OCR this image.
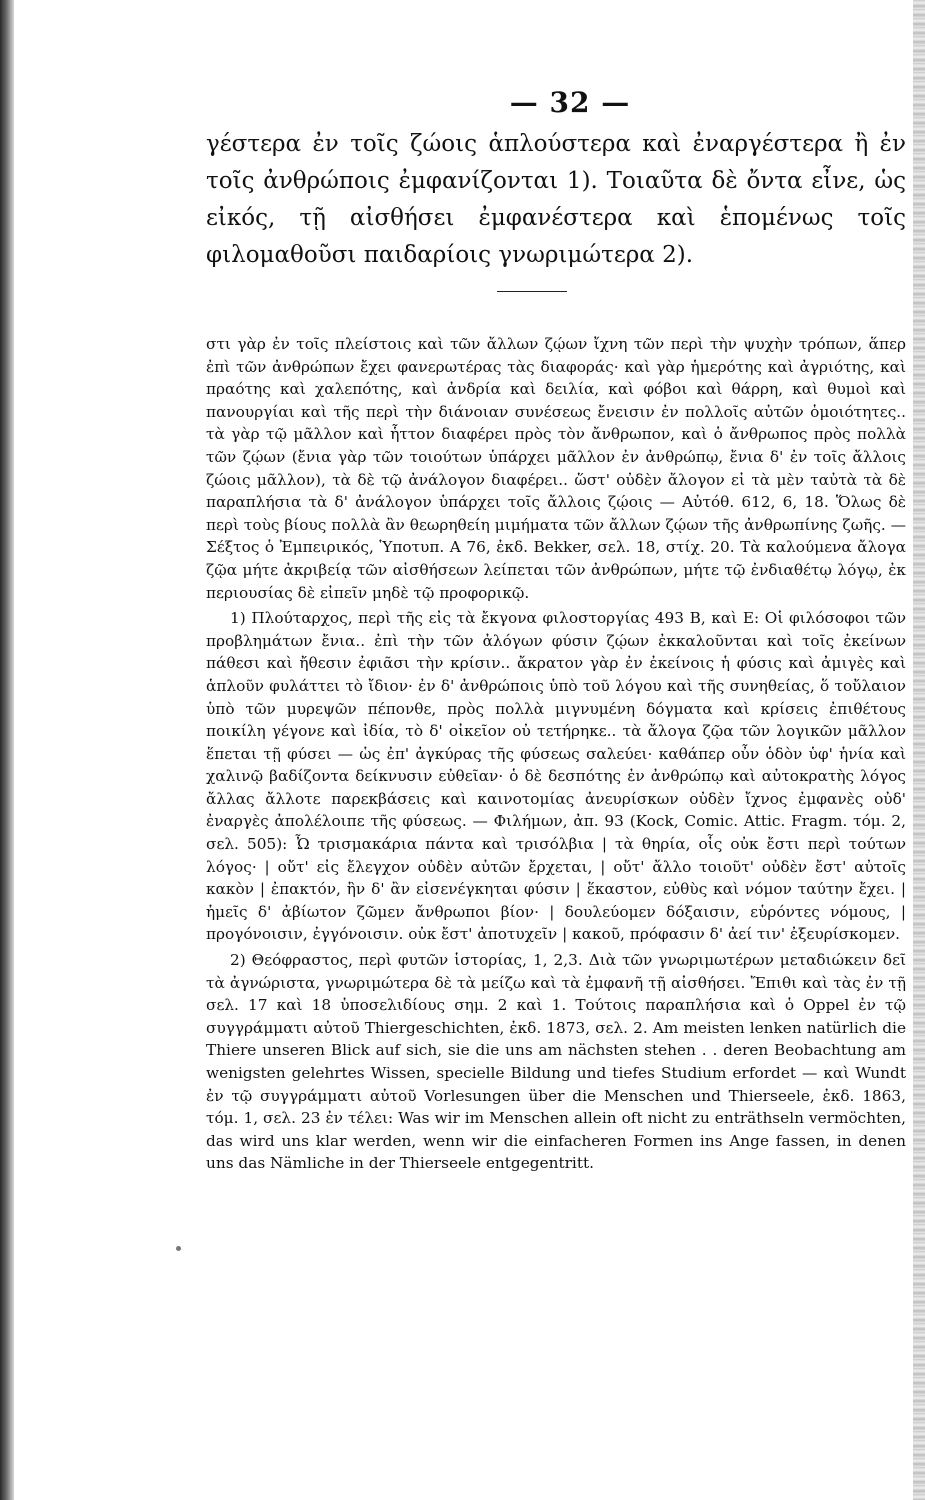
— 32 —

γέστερα ἐν τοῖς ζώοις ἁπλούστερα καὶ ἐναργέστερα ἢ ἐν τοῖς ἀνθρώποις ἐμφανίζονται 1). Τοιαῦτα δὲ ὄντα εἶνε, ὡς εἰκός, τῇ αἰσθήσει ἐμφανέστερα καὶ ἑπομένως τοῖς φιλομαθοῦσι παιδαρίοις γνωριμώτερα 2).

στι γὰρ ἐν τοῖς πλείστοις καὶ τῶν ἄλλων ζῴων ἴχνη τῶν περὶ τὴν ψυχὴν τρόπων, ἅπερ ἐπὶ τῶν ἀνθρώπων ἔχει φανερωτέρας τὰς διαφοράς· καὶ γὰρ ἡμερότης καὶ ἀγριότης, καὶ πραότης καὶ χαλεπότης, καὶ ἀνδρία καὶ δειλία, καὶ φόβοι καὶ θάρρη, καὶ θυμοὶ καὶ πανουργίαι καὶ τῆς περὶ τὴν διάνοιαν συνέσεως ἔνεισιν ἐν πολλοῖς αὐτῶν ὁμοιότητες.. τὰ γὰρ τῷ μᾶλλον καὶ ἧττον διαφέρει πρὸς τὸν ἄνθρωπον, καὶ ὁ ἄνθρωπος πρὸς πολλὰ τῶν ζῴων (ἔνια γὰρ τῶν τοιούτων ὑπάρχει μᾶλλον ἐν ἀνθρώπῳ, ἔνια δ' ἐν τοῖς ἄλλοις ζώοις μᾶλλον), τὰ δὲ τῷ ἀνάλογον διαφέρει.. ὥστ' οὐδὲν ἄλογον εἰ τὰ μὲν ταὐτὰ τὰ δὲ παραπλήσια τὰ δ' ἀνάλογον ὑπάρχει τοῖς ἄλλοις ζῴοις — Αὐτόθ. 612, 6, 18. Ὅλως δὲ περὶ τοὺς βίους πολλὰ ἂν θεωρηθείη μιμήματα τῶν ἄλλων ζῴων τῆς ἀνθρωπίνης ζωῆς. — Σέξτος ὁ Ἐμπειρικός, Ὑποτυπ. Α 76, ἐκδ. Bekker, σελ. 18, στίχ. 20. Τὰ καλούμενα ἄλογα ζῷα μήτε ἀκριβείᾳ τῶν αἰσθήσεων λείπεται τῶν ἀνθρώπων, μήτε τῷ ἐνδιαθέτῳ λόγῳ, ἐκ περιουσίας δὲ εἰπεῖν μηδὲ τῷ προφορικῷ.

1) Πλούταρχος, περὶ τῆς εἰς τὰ ἔκγονα φιλοστοργίας 493 B, καὶ E: Οἱ φιλόσοφοι τῶν προβλημάτων ἔνια.. ἐπὶ τὴν τῶν ἀλόγων φύσιν ζῴων ἐκκαλοῦνται καὶ τοῖς ἐκείνων πάθεσι καὶ ἤθεσιν ἐφιᾶσι τὴν κρίσιν.. ἄκρατον γὰρ ἐν ἐκείνοις ἡ φύσις καὶ ἀμιγὲς καὶ ἁπλοῦν φυλάττει τὸ ἴδιον· ἐν δ' ἀνθρώποις ὑπὸ τοῦ λόγου καὶ τῆς συνηθείας, ὅ τοὔλαιον ὑπὸ τῶν μυρεψῶν πέπονθε, πρὸς πολλὰ μιγνυμένη δόγματα καὶ κρίσεις ἐπιθέτους ποικίλη γέγονε καὶ ἰδία, τὸ δ' οἰκεῖον οὐ τετήρηκε.. τὰ ἄλογα ζῷα τῶν λογικῶν μᾶλλον ἕπεται τῇ φύσει — ὡς ἐπ' ἀγκύρας τῆς φύσεως σαλεύει· καθάπερ οὖν ὁδὸν ὑφ' ἡνία καὶ χαλινῷ βαδίζοντα δείκνυσιν εὐθεῖαν· ὁ δὲ δεσπότης ἐν ἀνθρώπῳ καὶ αὐτοκρατὴς λόγος ἄλλας ἄλλοτε παρεκβάσεις καὶ καινοτομίας ἀνευρίσκων οὐδὲν ἴχνος ἐμφανὲς οὐδ' ἐναργὲς ἀπολέλοιπε τῆς φύσεως. — Φιλήμων, ἀπ. 93 (Kock, Comic. Attic. Fragm. τόμ. 2, σελ. 505): Ὦ τρισμακάρια πάντα καὶ τρισόλβια | τὰ θηρία, οἷς οὐκ ἔστι περὶ τούτων λόγος· | οὔτ' εἰς ἔλεγχον οὐδὲν αὐτῶν ἔρχεται, | οὔτ' ἄλλο τοιοῦτ' οὐδὲν ἔστ' αὐτοῖς κακὸν | ἐπακτόν, ἣν δ' ἂν εἰσενέγκηται φύσιν | ἕκαστον, εὐθὺς καὶ νόμον ταύτην ἔχει. | ἡμεῖς δ' ἀβίωτον ζῶμεν ἄνθρωποι βίον· | δουλεύομεν δόξαισιν, εὑρόντες νόμους, | προγόνοισιν, ἐγγόνοισιν. οὐκ ἔστ' ἀποτυχεῖν | κακοῦ, πρόφασιν δ' ἀεί τιν' ἐξευρίσκομεν.

2) Θεόφραστος, περὶ φυτῶν ἱστορίας, 1, 2,3. Διὰ τῶν γνωριμωτέρων μεταδιώκειν δεῖ τὰ ἀγνώριστα, γνωριμώτερα δὲ τὰ μείζω καὶ τὰ ἐμφανῆ τῇ αἰσθήσει. Ἔπιθι καὶ τὰς ἐν τῇ σελ. 17 καὶ 18 ὑποσελιδίους σημ. 2 καὶ 1. Τούτοις παραπλήσια καὶ ὁ Oppel ἐν τῷ συγγράμματι αὐτοῦ Thiergeschichten, ἐκδ. 1873, σελ. 2. Am meisten lenken natürlich die Thiere unseren Blick auf sich, sie die uns am nächsten stehen . . deren Beobachtung am wenigsten gelehrtes Wissen, specielle Bildung und tiefes Studium erfordet — καὶ Wundt ἐν τῷ συγγράμματι αὐτοῦ Vorlesungen über die Menschen und Thierseele, ἐκδ. 1863, τόμ. 1, σελ. 23 ἐν τέλει: Was wir im Menschen allein oft nicht zu enträthseln vermöchten, das wird uns klar werden, wenn wir die einfacheren Formen ins Ange fassen, in denen uns das Nämliche in der Thierseele entgegentritt.
